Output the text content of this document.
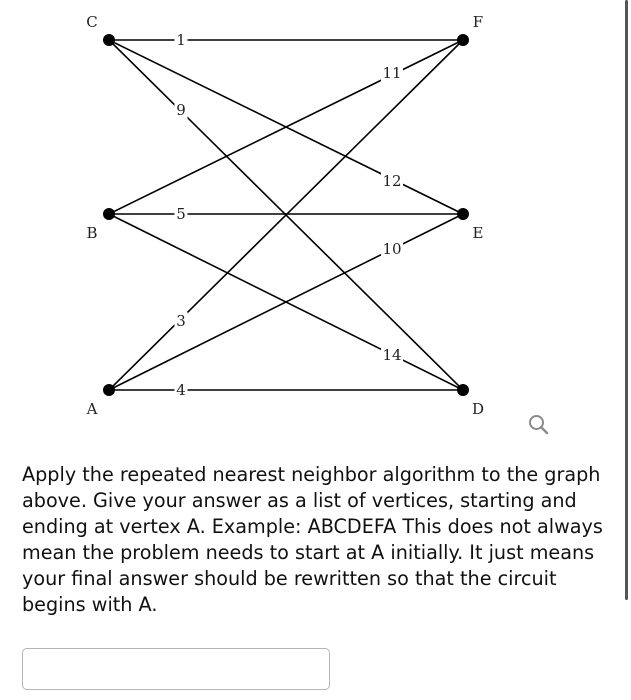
1
12
9
11
5
14
3
10
4
C
B
A
F
E
D

Apply the repeated nearest neighbor algorithm to the graph above. Give your answer as a list of vertices, starting and ending at vertex A. Example: ABCDEFA This does not always mean the problem needs to start at A initially. It just means your final answer should be rewritten so that the circuit begins with A.
